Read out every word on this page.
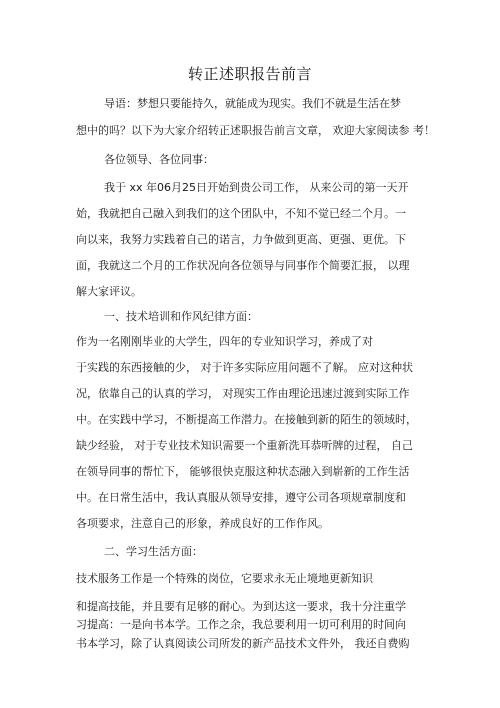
转正述职报告前言
导语：梦想只要能持久，就能成为现实。我们不就是生活在梦
想中的吗？以下为大家介绍转正述职报告前言文章， 欢迎大家阅读参 考！
各位领导、各位同事：
我于 xx 年06月25日开始到贵公司工作， 从来公司的第一天开
始，我就把自己融入到我们的这个团队中，不知不觉已经二个月。一
向以来，我努力实践着自己的诺言，力争做到更高、更强、更优。下
面，我就这二个月的工作状况向各位领导与同事作个简要汇报， 以理
解大家评议。
一、技术培训和作风纪律方面：
作为一名刚刚毕业的大学生，四年的专业知识学习，养成了对
于实践的东西接触的少， 对于许多实际应用问题不了解。 应对这种状
况，依靠自己的认真的学习， 对现实工作由理论迅速过渡到实际工作
中。在实践中学习，不断提高工作潜力。在接触到新的陌生的领域时，
缺少经验， 对于专业技术知识需要一个重新洗耳恭听牌的过程， 自己
在领导同事的帮忙下， 能够很快克服这种状态融入到崭新的工作生活
中。在日常生活中，我认真服从领导安排，遵守公司各项规章制度和
各项要求，注意自己的形象，养成良好的工作作风。
二、学习生活方面：
技术服务工作是一个特殊的岗位，它要求永无止境地更新知识
和提高技能，并且要有足够的耐心。为到达这一要求，我十分注重学
习提高：一是向书本学。工作之余，我总要利用一切可利用的时间向
书本学习，除了认真阅读公司所发的新产品技术文件外， 我还自费购
